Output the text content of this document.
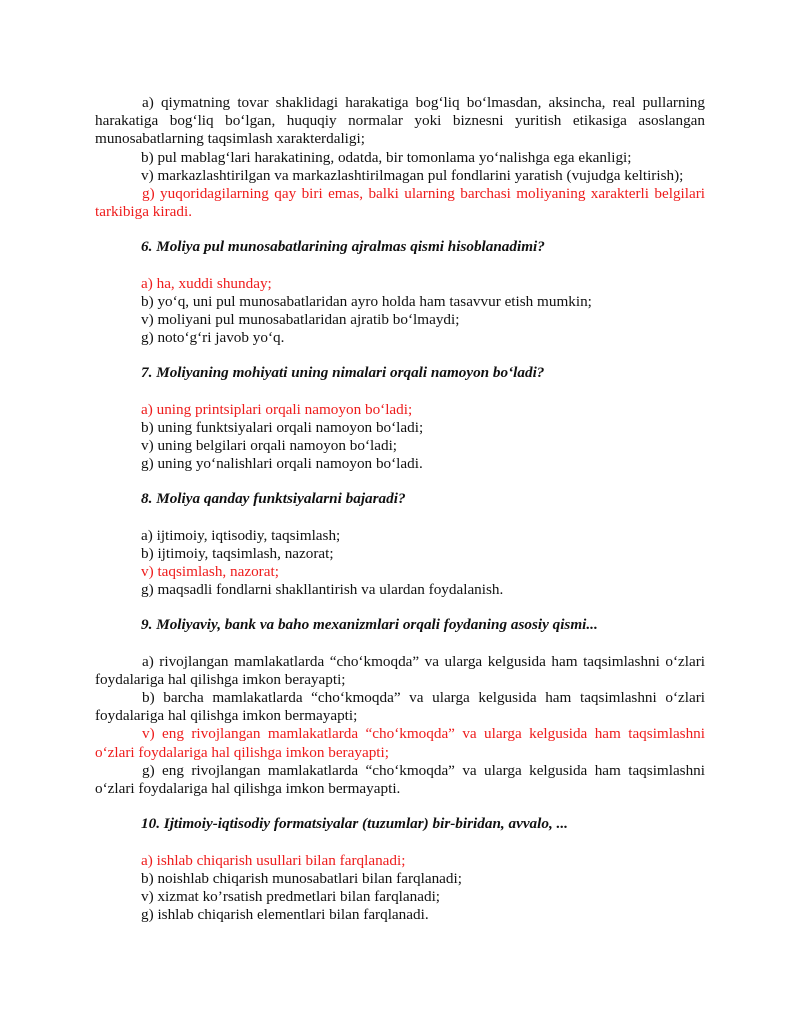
a) qiymatning tovar shaklidagi harakatiga bog‘liq bo‘lmasdan, aksincha, real pullarning harakatiga bog‘liq bo‘lgan, huquqiy normalar yoki biznesni yuritish etikasiga asoslangan munosabatlarning taqsimlash xarakterdaligi;

b) pul mablag‘lari harakatining, odatda, bir tomonlama yo‘nalishga ega ekanligi;

v) markazlashtirilgan va markazlashtirilmagan pul fondlarini yaratish (vujudga keltirish);

g) yuqoridagilarning qay biri emas, balki ularning barchasi moliyaning xarakterli belgilari tarkibiga kiradi.

6. Moliya pul munosabatlarining ajralmas qismi hisoblanadimi?

a) ha, xuddi shunday;

b) yo‘q, uni pul munosabatlaridan ayro holda ham tasavvur etish mumkin;

v) moliyani pul munosabatlaridan ajratib bo‘lmaydi;

g) noto‘g‘ri javob yo‘q.

7. Moliyaning mohiyati uning nimalari orqali namoyon bo‘ladi?

a) uning printsiplari orqali namoyon bo‘ladi;

b) uning funktsiyalari orqali namoyon bo‘ladi;

v) uning belgilari orqali namoyon bo‘ladi;

g) uning yo‘nalishlari orqali namoyon bo‘ladi.

8. Moliya qanday funktsiyalarni bajaradi?

a) ijtimoiy, iqtisodiy, taqsimlash;

b) ijtimoiy, taqsimlash, nazorat;

v) taqsimlash, nazorat;

g) maqsadli fondlarni shakllantirish va ulardan foydalanish.

9. Moliyaviy, bank va baho mexanizmlari orqali foydaning asosiy qismi...

a) rivojlangan mamlakatlarda “cho‘kmoqda” va ularga kelgusida ham taqsimlashni o‘zlari foydalariga hal qilishga imkon berayapti;

b) barcha mamlakatlarda “cho‘kmoqda” va ularga kelgusida ham taqsimlashni o‘zlari foydalariga hal qilishga imkon bermayapti;

v) eng rivojlangan mamlakatlarda “cho‘kmoqda” va ularga kelgusida ham taqsimlashni o‘zlari foydalariga hal qilishga imkon berayapti;

g) eng rivojlangan mamlakatlarda “cho‘kmoqda” va ularga kelgusida ham taqsimlashni o‘zlari foydalariga hal qilishga imkon bermayapti.

10. Ijtimoiy-iqtisodiy formatsiyalar (tuzumlar) bir-biridan, avvalo, ...

a) ishlab chiqarish usullari bilan farqlanadi;

b) noishlab chiqarish munosabatlari bilan farqlanadi;

v) xizmat ko’rsatish predmetlari bilan farqlanadi;

g) ishlab chiqarish elementlari bilan farqlanadi.
